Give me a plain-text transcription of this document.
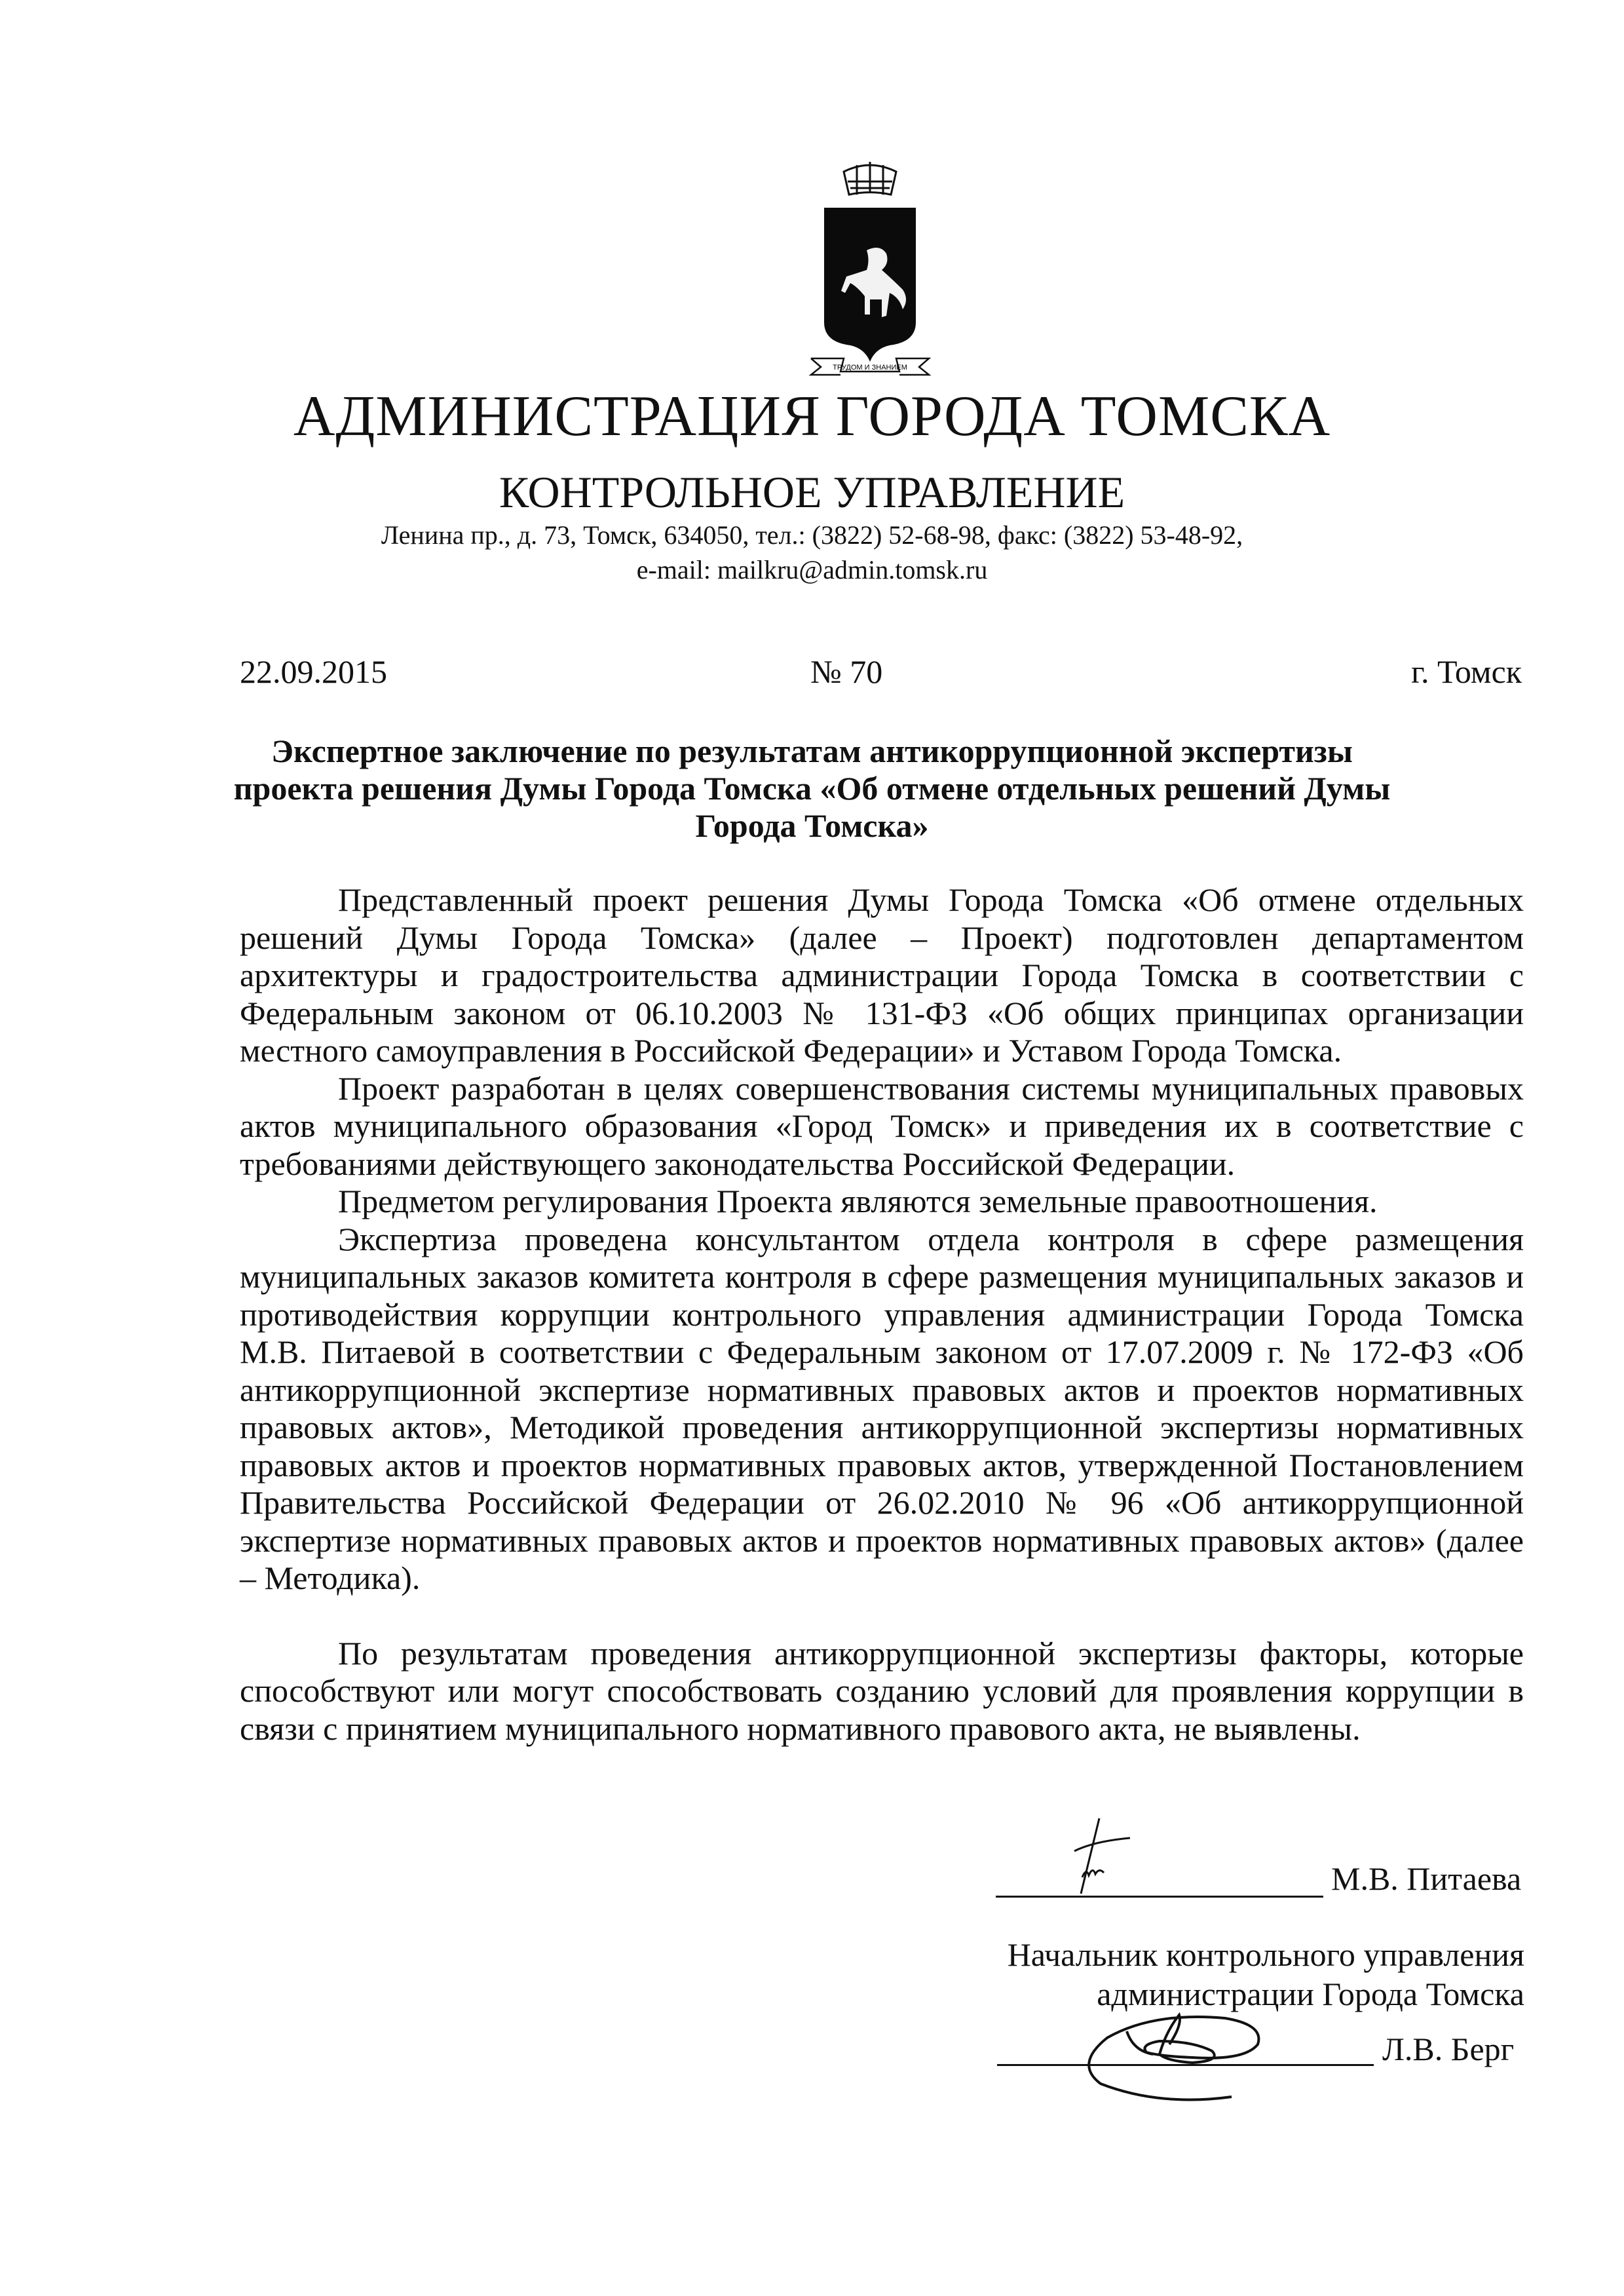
ТРУДОМ И ЗНАНИЕМ
АДМИНИСТРАЦИЯ ГОРОДА ТОМСКА
КОНТРОЛЬНОЕ УПРАВЛЕНИЕ
Ленина пр., д. 73, Томск, 634050, тел.: (3822) 52-68-98, факс: (3822) 53-48-92,
e-mail: mailkru@admin.tomsk.ru
22.09.2015	№ 70	г. Томск
Экспертное заключение по результатам антикоррупционной экспертизы
проекта решения Думы Города Томска «Об отмене отдельных решений Думы
Города Томска»
Представленный проект решения Думы Города Томска «Об отмене отдельных
решений Думы Города Томска» (далее – Проект) подготовлен департаментом
архитектуры и градостроительства администрации Города Томска в соответствии с
Федеральным законом от 06.10.2003 № 131-ФЗ «Об общих принципах организации
местного самоуправления в Российской Федерации» и Уставом Города Томска.
Проект разработан в целях совершенствования системы муниципальных правовых
актов муниципального образования «Город Томск» и приведения их в соответствие с
требованиями действующего законодательства Российской Федерации.
Предметом регулирования Проекта являются земельные правоотношения.
Экспертиза проведена консультантом отдела контроля в сфере размещения
муниципальных заказов комитета контроля в сфере размещения муниципальных заказов и
противодействия коррупции контрольного управления администрации Города Томска
М.В. Питаевой в соответствии с Федеральным законом от 17.07.2009 г. № 172-ФЗ «Об
антикоррупционной экспертизе нормативных правовых актов и проектов нормативных
правовых актов», Методикой проведения антикоррупционной экспертизы нормативных
правовых актов и проектов нормативных правовых актов, утвержденной Постановлением
Правительства Российской Федерации от 26.02.2010 № 96 «Об антикоррупционной
экспертизе нормативных правовых актов и проектов нормативных правовых актов» (далее
– Методика).
По результатам проведения антикоррупционной экспертизы факторы, которые
способствуют или могут способствовать созданию условий для проявления коррупции в
связи с принятием муниципального нормативного правового акта, не выявлены.
М.В. Питаева
Начальник контрольного управления
администрации Города Томска
Л.В. Берг
